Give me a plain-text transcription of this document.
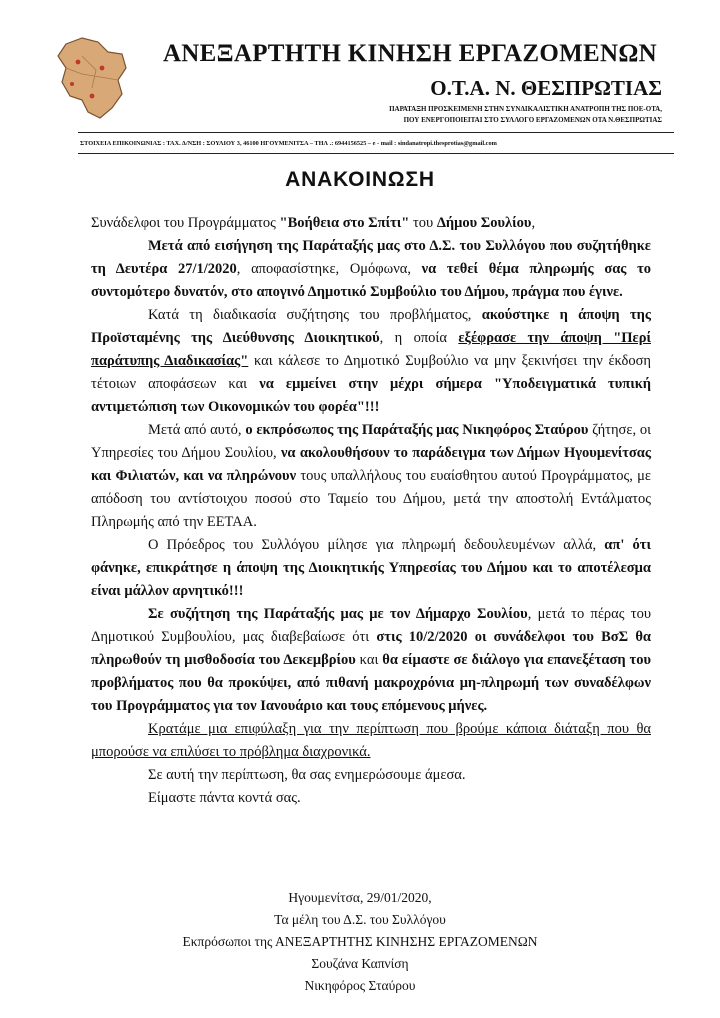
ΑΝΕΞΑΡΤΗΤΗ ΚΙΝΗΣΗ ΕΡΓΑΖΟΜΕΝΩΝ
Ο.Τ.Α. Ν. ΘΕΣΠΡΩΤΙΑΣ
ΠΑΡΑΤΑΞΗ ΠΡΟΣΚΕΙΜΕΝΗ ΣΤΗΝ ΣΥΝΔΙΚΑΛΙΣΤΙΚΗ ΑΝΑΤΡΟΠΗ ΤΗΣ ΠΟΕ-ΟΤΑ,
ΠΟΥ ΕΝΕΡΓΟΠΟΙΕΙΤΑΙ ΣΤΟ ΣΥΛΛΟΓΟ ΕΡΓΑΖΟΜΕΝΩΝ ΟΤΑ Ν.ΘΕΣΠΡΩΤΙΑΣ
ΣΤΟΙΧΕΙΑ ΕΠΙΚΟΙΝΩΝΙΑΣ : ΤΑΧ. Δ/ΝΣΗ : ΣΟΥΛΙΟΥ 3, 46100 ΗΓΟΥΜΕΝΙΤΣΑ – ΤΗΛ .: 6944156525 – e - mail : sindanatropi.thesprotias@gmail.com
ΑΝΑΚΟΙΝΩΣΗ

Συνάδελφοι του Προγράμματος "Βοήθεια στο Σπίτι" του Δήμου Σουλίου,

Μετά από εισήγηση της Παράταξής μας στο Δ.Σ. του Συλλόγου που συζητήθηκε τη Δευτέρα 27/1/2020, αποφασίστηκε, Ομόφωνα, να τεθεί θέμα πληρωμής σας το συντομότερο δυνατόν, στο απογινό Δημοτικό Συμβούλιο του Δήμου, πράγμα που έγινε.

Κατά τη διαδικασία συζήτησης του προβλήματος, ακούστηκε η άποψη της Προϊσταμένης της Διεύθυνσης Διοικητικού, η οποία εξέφρασε την άποψη "Περί παράτυπης Διαδικασίας" και κάλεσε το Δημοτικό Συμβούλιο να μην ξεκινήσει την έκδοση τέτοιων αποφάσεων και να εμμείνει στην μέχρι σήμερα "Υποδειγματικά τυπική αντιμετώπιση των Οικονομικών του φορέα"!!!

Μετά από αυτό, ο εκπρόσωπος της Παράταξής μας Νικηφόρος Σταύρου ζήτησε, οι Υπηρεσίες του Δήμου Σουλίου, να ακολουθήσουν το παράδειγμα των Δήμων Ηγουμενίτσας και Φιλιατών, και να πληρώνουν τους υπαλλήλους του ευαίσθητου αυτού Προγράμματος, με απόδοση του αντίστοιχου ποσού στο Ταμείο του Δήμου, μετά την αποστολή Εντάλματος Πληρωμής από την ΕΕΤΑΑ.

Ο Πρόεδρος του Συλλόγου μίλησε για πληρωμή δεδουλευμένων αλλά, απ' ότι φάνηκε, επικράτησε η άποψη της Διοικητικής Υπηρεσίας του Δήμου και το αποτέλεσμα είναι μάλλον αρνητικό!!!

Σε συζήτηση της Παράταξής μας με τον Δήμαρχο Σουλίου, μετά το πέρας του Δημοτικού Συμβουλίου, μας διαβεβαίωσε ότι στις 10/2/2020 οι συνάδελφοι του ΒσΣ θα πληρωθούν τη μισθοδοσία του Δεκεμβρίου και θα είμαστε σε διάλογο για επανεξέταση του προβλήματος που θα προκύψει, από πιθανή μακροχρόνια μη-πληρωμή των συναδέλφων του Προγράμματος για τον Ιανουάριο και τους επόμενους μήνες.

Κρατάμε μια επιφύλαξη για την περίπτωση που βρούμε κάποια διάταξη που θα μπορούσε να επιλύσει το πρόβλημα διαχρονικά.

Σε αυτή την περίπτωση, θα σας ενημερώσουμε άμεσα.

Είμαστε πάντα κοντά σας.

Ηγουμενίτσα, 29/01/2020,
Τα μέλη του Δ.Σ. του Συλλόγου
Εκπρόσωποι της ΑΝΕΞΑΡΤΗΤΗΣ ΚΙΝΗΣΗΣ ΕΡΓΑΖΟΜΕΝΩΝ
Σουζάνα Καπνίση
Νικηφόρος Σταύρου
